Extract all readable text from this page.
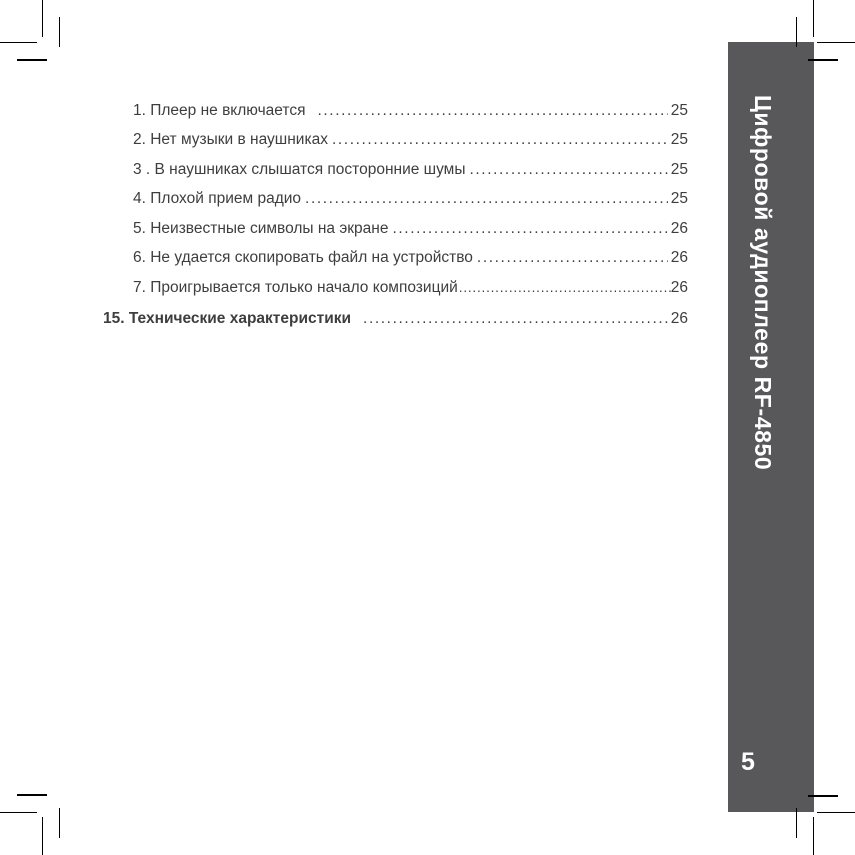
1. Плеер не включается .....	25
2. Нет музыки в наушниках .....	25
3 . В наушниках слышатся посторонние шумы .....	25
4. Плохой прием радио .....	25
5. Неизвестные символы на экране .....	26
6. Не удается скопировать файл на устройство .....	26
7. Проигрывается только начало композиций .....	26
15. Технические характеристики .....	26	Цифровой аудиоплеер RF-4850
5
